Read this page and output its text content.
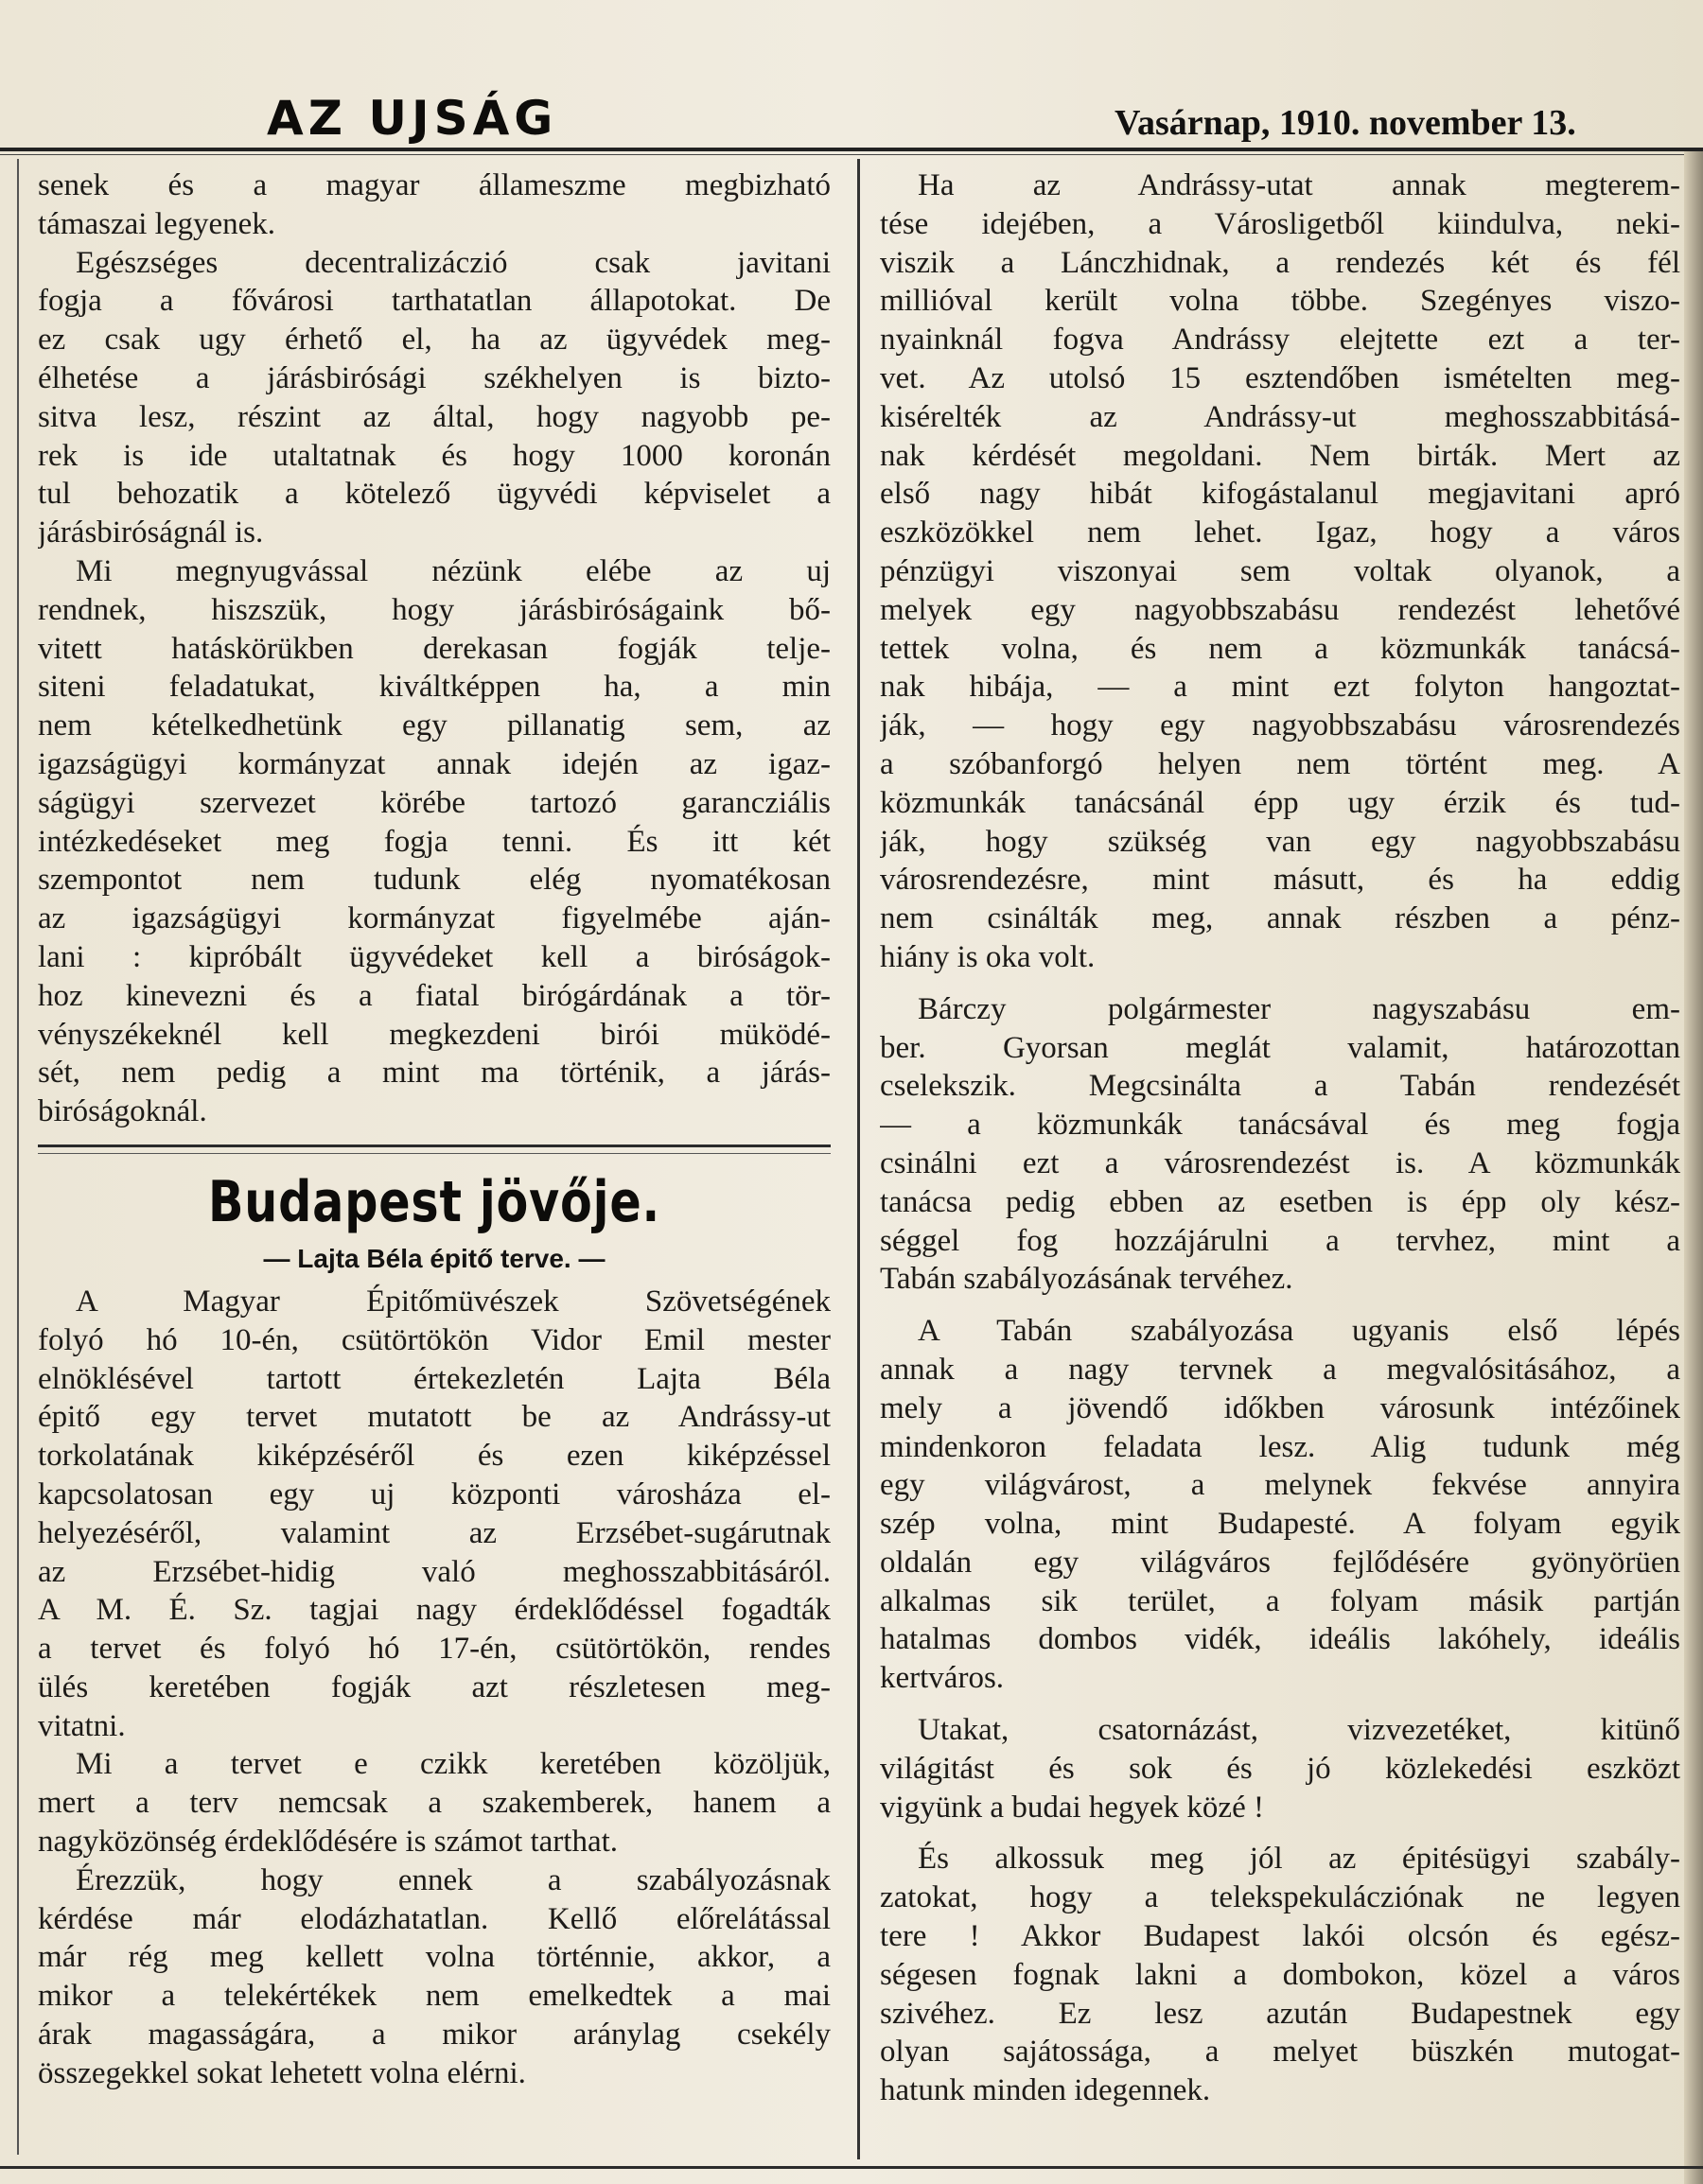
AZ UJSÁG	Vasárnap, 1910. november 13.
senek és a magyar állameszme megbizható
támaszai legyenek.
Egészséges decentralizáczió csak javitani
fogja a fővárosi tarthatatlan állapotokat. De
ez csak ugy érhető el, ha az ügyvédek meg-
élhetése a járásbirósági székhelyen is bizto-
sitva lesz, részint az által, hogy nagyobb pe-
rek is ide utaltatnak és hogy 1000 koronán
tul behozatik a kötelező ügyvédi képviselet a
járásbiróságnál is.
Mi megnyugvással nézünk elébe az uj
rendnek, hiszszük, hogy járásbiróságaink bő-
vitett hatáskörükben derekasan fogják telje-
siteni feladatukat, kiváltképpen ha, a min
nem kételkedhetünk egy pillanatig sem, az
igazságügyi kormányzat annak idején az igaz-
ságügyi szervezet körébe tartozó garancziális
intézkedéseket meg fogja tenni. És itt két
szempontot nem tudunk elég nyomatékosan
az igazságügyi kormányzat figyelmébe aján-
lani : kipróbált ügyvédeket kell a biróságok-
hoz kinevezni és a fiatal birógárdának a tör-
vényszékeknél kell megkezdeni birói müködé-
sét, nem pedig a mint ma történik, a járás-
biróságoknál.
Budapest jövője.
— Lajta Béla épitő terve. —
A Magyar Épitőmüvészek Szövetségének
folyó hó 10-én, csütörtökön Vidor Emil mester
elnöklésével tartott értekezletén Lajta Béla
épitő egy tervet mutatott be az Andrássy-ut
torkolatának kiképzéséről és ezen kiképzéssel
kapcsolatosan egy uj központi városháza el-
helyezéséről, valamint az Erzsébet-sugárutnak
az Erzsébet-hidig való meghosszabbitásáról.
A M. É. Sz. tagjai nagy érdeklődéssel fogadták
a tervet és folyó hó 17-én, csütörtökön, rendes
ülés keretében fogják azt részletesen meg-
vitatni.
Mi a tervet e czikk keretében közöljük,
mert a terv nemcsak a szakemberek, hanem a
nagyközönség érdeklődésére is számot tarthat.
Érezzük, hogy ennek a szabályozásnak
kérdése már elodázhatatlan. Kellő előrelátással
már rég meg kellett volna történnie, akkor, a
mikor a telekértékek nem emelkedtek a mai
árak magasságára, a mikor aránylag csekély
összegekkel sokat lehetett volna elérni.
Ha az Andrássy-utat annak megterem-
tése idejében, a Városligetből kiindulva, neki-
viszik a Lánczhidnak, a rendezés két és fél
millióval került volna többe. Szegényes viszo-
nyainknál fogva Andrássy elejtette ezt a ter-
vet. Az utolsó 15 esztendőben ismételten meg-
kisérelték az Andrássy-ut meghosszabbitásá-
nak kérdését megoldani. Nem birták. Mert az
első nagy hibát kifogástalanul megjavitani apró
eszközökkel nem lehet. Igaz, hogy a város
pénzügyi viszonyai sem voltak olyanok, a
melyek egy nagyobbszabásu rendezést lehetővé
tettek volna, és nem a közmunkák tanácsá-
nak hibája, — a mint ezt folyton hangoztat-
ják, — hogy egy nagyobbszabásu városrendezés
a szóbanforgó helyen nem történt meg. A
közmunkák tanácsánál épp ugy érzik és tud-
ják, hogy szükség van egy nagyobbszabásu
városrendezésre, mint másutt, és ha eddig
nem csinálták meg, annak részben a pénz-
hiány is oka volt.
Bárczy polgármester nagyszabásu em-
ber. Gyorsan meglát valamit, határozottan
cselekszik. Megcsinálta a Tabán rendezését
— a közmunkák tanácsával és meg fogja
csinálni ezt a városrendezést is. A közmunkák
tanácsa pedig ebben az esetben is épp oly kész-
séggel fog hozzájárulni a tervhez, mint a
Tabán szabályozásának tervéhez.
A Tabán szabályozása ugyanis első lépés
annak a nagy tervnek a megvalósitásához, a
mely a jövendő időkben városunk intézőinek
mindenkoron feladata lesz. Alig tudunk még
egy világvárost, a melynek fekvése annyira
szép volna, mint Budapesté. A folyam egyik
oldalán egy világváros fejlődésére gyönyörüen
alkalmas sik terület, a folyam másik partján
hatalmas dombos vidék, ideális lakóhely, ideális
kertváros.
Utakat, csatornázást, vizvezetéket, kitünő
világitást és sok és jó közlekedési eszközt
vigyünk a budai hegyek közé !
És alkossuk meg jól az épitésügyi szabály-
zatokat, hogy a telekspekulácziónak ne legyen
tere ! Akkor Budapest lakói olcsón és egész-
ségesen fognak lakni a dombokon, közel a város
szivéhez. Ez lesz azután Budapestnek egy
olyan sajátossága, a melyet büszkén mutogat-
hatunk minden idegennek.
